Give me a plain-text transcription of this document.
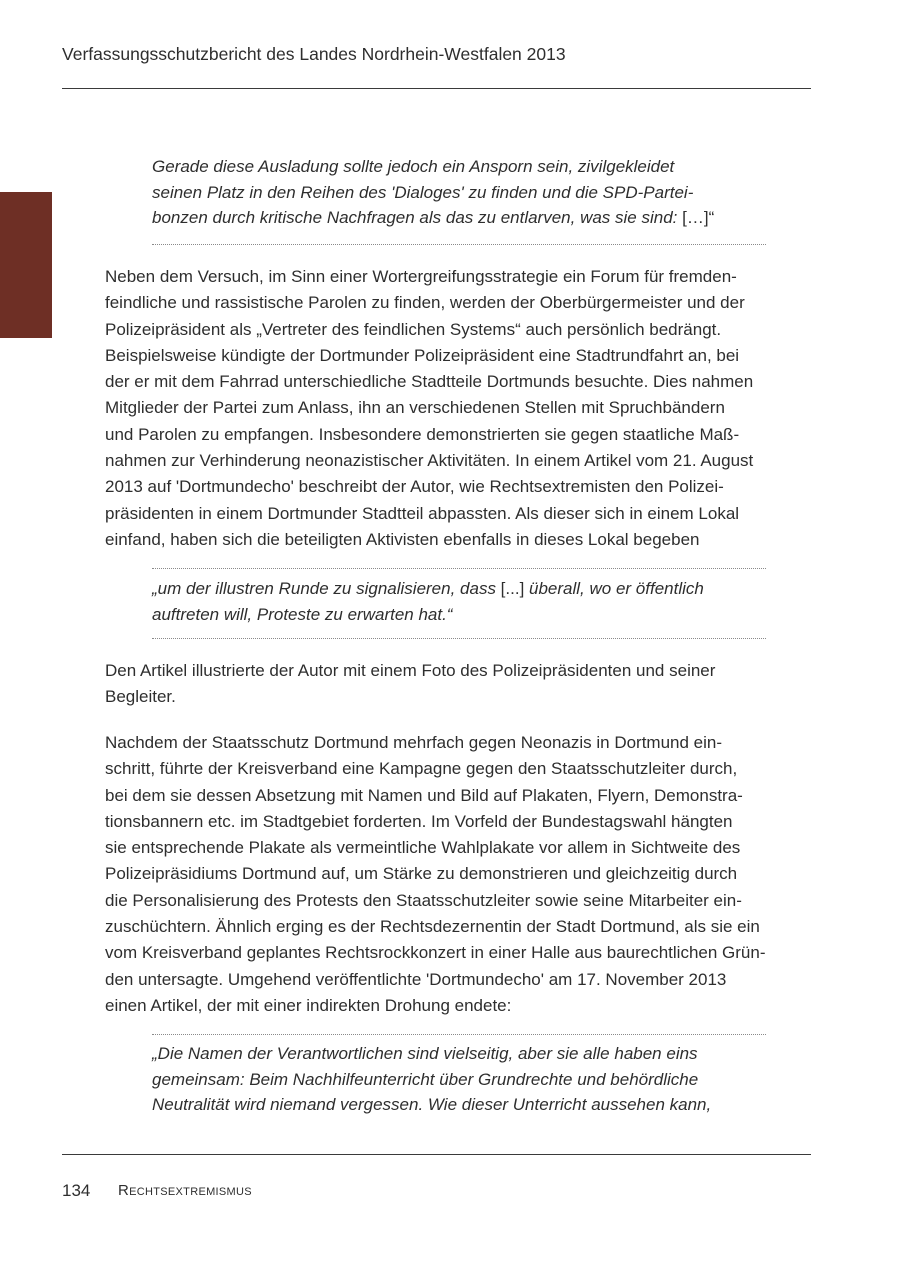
Verfassungsschutzbericht des Landes Nordrhein-Westfalen 2013
Gerade diese Ausladung sollte jedoch ein Ansporn sein, zivilgekleidet
seinen Platz in den Reihen des 'Dialoges' zu finden und die SPD-Partei-
bonzen durch kritische Nachfragen als das zu entlarven, was sie sind: […]“
Neben dem Versuch, im Sinn einer Wortergreifungsstrategie ein Forum für fremden-
feindliche und rassistische Parolen zu finden, werden der Oberbürgermeister und der
Polizeipräsident als „Vertreter des feindlichen Systems“ auch persönlich bedrängt.
Beispielsweise kündigte der Dortmunder Polizeipräsident eine Stadtrundfahrt an, bei
der er mit dem Fahrrad unterschiedliche Stadtteile Dortmunds besuchte. Dies nahmen
Mitglieder der Partei zum Anlass, ihn an verschiedenen Stellen mit Spruchbändern
und Parolen zu empfangen. Insbesondere demonstrierten sie gegen staatliche Maß-
nahmen zur Verhinderung neonazistischer Aktivitäten. In einem Artikel vom 21. August
2013 auf 'Dortmundecho' beschreibt der Autor, wie Rechtsextremisten den Polizei-
präsidenten in einem Dortmunder Stadtteil abpassten. Als dieser sich in einem Lokal
einfand, haben sich die beteiligten Aktivisten ebenfalls in dieses Lokal begeben
„um der illustren Runde zu signalisieren, dass [...] überall, wo er öffentlich
auftreten will, Proteste zu erwarten hat.“
Den Artikel illustrierte der Autor mit einem Foto des Polizeipräsidenten und seiner
Begleiter.
Nachdem der Staatsschutz Dortmund mehrfach gegen Neonazis in Dortmund ein-
schritt, führte der Kreisverband eine Kampagne gegen den Staatsschutzleiter durch,
bei dem sie dessen Absetzung mit Namen und Bild auf Plakaten, Flyern, Demonstra-
tionsbannern etc. im Stadtgebiet forderten. Im Vorfeld der Bundestagswahl hängten
sie entsprechende Plakate als vermeintliche Wahlplakate vor allem in Sichtweite des
Polizeipräsidiums Dortmund auf, um Stärke zu demonstrieren und gleichzeitig durch
die Personalisierung des Protests den Staatsschutzleiter sowie seine Mitarbeiter ein-
zuschüchtern. Ähnlich erging es der Rechtsdezernentin der Stadt Dortmund, als sie ein
vom Kreisverband geplantes Rechtsrockkonzert in einer Halle aus baurechtlichen Grün-
den untersagte. Umgehend veröffentlichte 'Dortmundecho' am 17. November 2013
einen Artikel, der mit einer indirekten Drohung endete:
„Die Namen der Verantwortlichen sind vielseitig, aber sie alle haben eins
gemeinsam: Beim Nachhilfeunterricht über Grundrechte und behördliche
Neutralität wird niemand vergessen. Wie dieser Unterricht aussehen kann,
134 Rechtsextremismus
